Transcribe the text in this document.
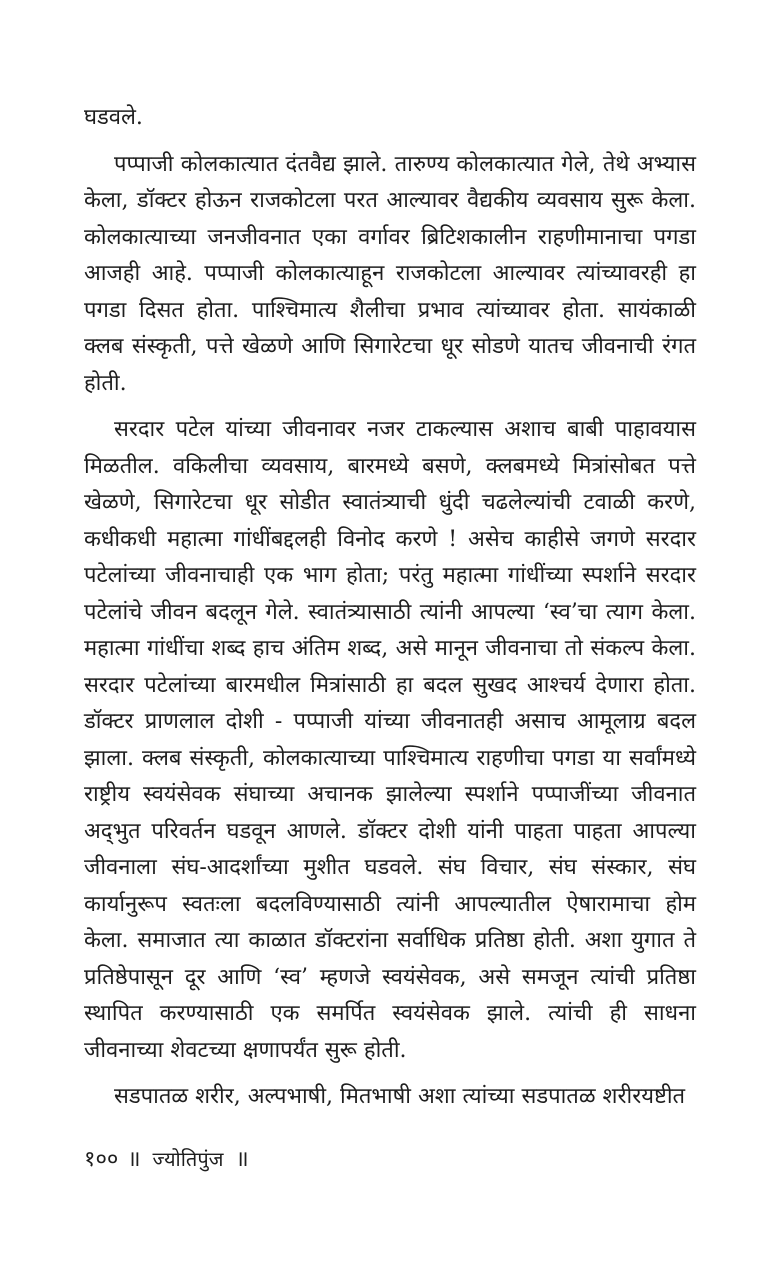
घडवले.

पप्पाजी कोलकात्यात दंतवैद्य झाले. तारुण्य कोलकात्यात गेले, तेथे अभ्यास केला, डॉक्टर होऊन राजकोटला परत आल्यावर वैद्यकीय व्यवसाय सुरू केला. कोलकात्याच्या जनजीवनात एका वर्गावर ब्रिटिशकालीन राहणीमानाचा पगडा आजही आहे. पप्पाजी कोलकात्याहून राजकोटला आल्यावर त्यांच्यावरही हा पगडा दिसत होता. पाश्चिमात्य शैलीचा प्रभाव त्यांच्यावर होता. सायंकाळी क्लब संस्कृती, पत्ते खेळणे आणि सिगारेटचा धूर सोडणे यातच जीवनाची रंगत होती.

सरदार पटेल यांच्या जीवनावर नजर टाकल्यास अशाच बाबी पाहावयास मिळतील. वकिलीचा व्यवसाय, बारमध्ये बसणे, क्लबमध्ये मित्रांसोबत पत्ते खेळणे, सिगारेटचा धूर सोडीत स्वातंत्र्याची धुंदी चढलेल्यांची टवाळी करणे, कधीकधी महात्मा गांधींबद्दलही विनोद करणे ! असेच काहीसे जगणे सरदार पटेलांच्या जीवनाचाही एक भाग होता; परंतु महात्मा गांधींच्या स्पर्शाने सरदार पटेलांचे जीवन बदलून गेले. स्वातंत्र्यासाठी त्यांनी आपल्या ‘स्व’चा त्याग केला. महात्मा गांधींचा शब्द हाच अंतिम शब्द, असे मानून जीवनाचा तो संकल्प केला. सरदार पटेलांच्या बारमधील मित्रांसाठी हा बदल सुखद आश्चर्य देणारा होता. डॉक्टर प्राणलाल दोशी - पप्पाजी यांच्या जीवनातही असाच आमूलाग्र बदल झाला. क्लब संस्कृती, कोलकात्याच्या पाश्चिमात्य राहणीचा पगडा या सर्वांमध्ये राष्ट्रीय स्वयंसेवक संघाच्या अचानक झालेल्या स्पर्शाने पप्पाजींच्या जीवनात अद्‌भुत परिवर्तन घडवून आणले. डॉक्टर दोशी यांनी पाहता पाहता आपल्या जीवनाला संघ-आदर्शांच्या मुशीत घडवले. संघ विचार, संघ संस्कार, संघ कार्यानुरूप स्वतःला बदलविण्यासाठी त्यांनी आपल्यातील ऐषारामाचा होम केला. समाजात त्या काळात डॉक्टरांना सर्वाधिक प्रतिष्ठा होती. अशा युगात ते प्रतिष्ठेपासून दूर आणि ‘स्व’ म्हणजे स्वयंसेवक, असे समजून त्यांची प्रतिष्ठा स्थापित करण्यासाठी एक समर्पित स्वयंसेवक झाले. त्यांची ही साधना जीवनाच्या शेवटच्या क्षणापर्यंत सुरू होती.

सडपातळ शरीर, अल्पभाषी, मितभाषी अशा त्यांच्या सडपातळ शरीरयष्टीत

१०० ॥ ज्योतिपुंज ॥
